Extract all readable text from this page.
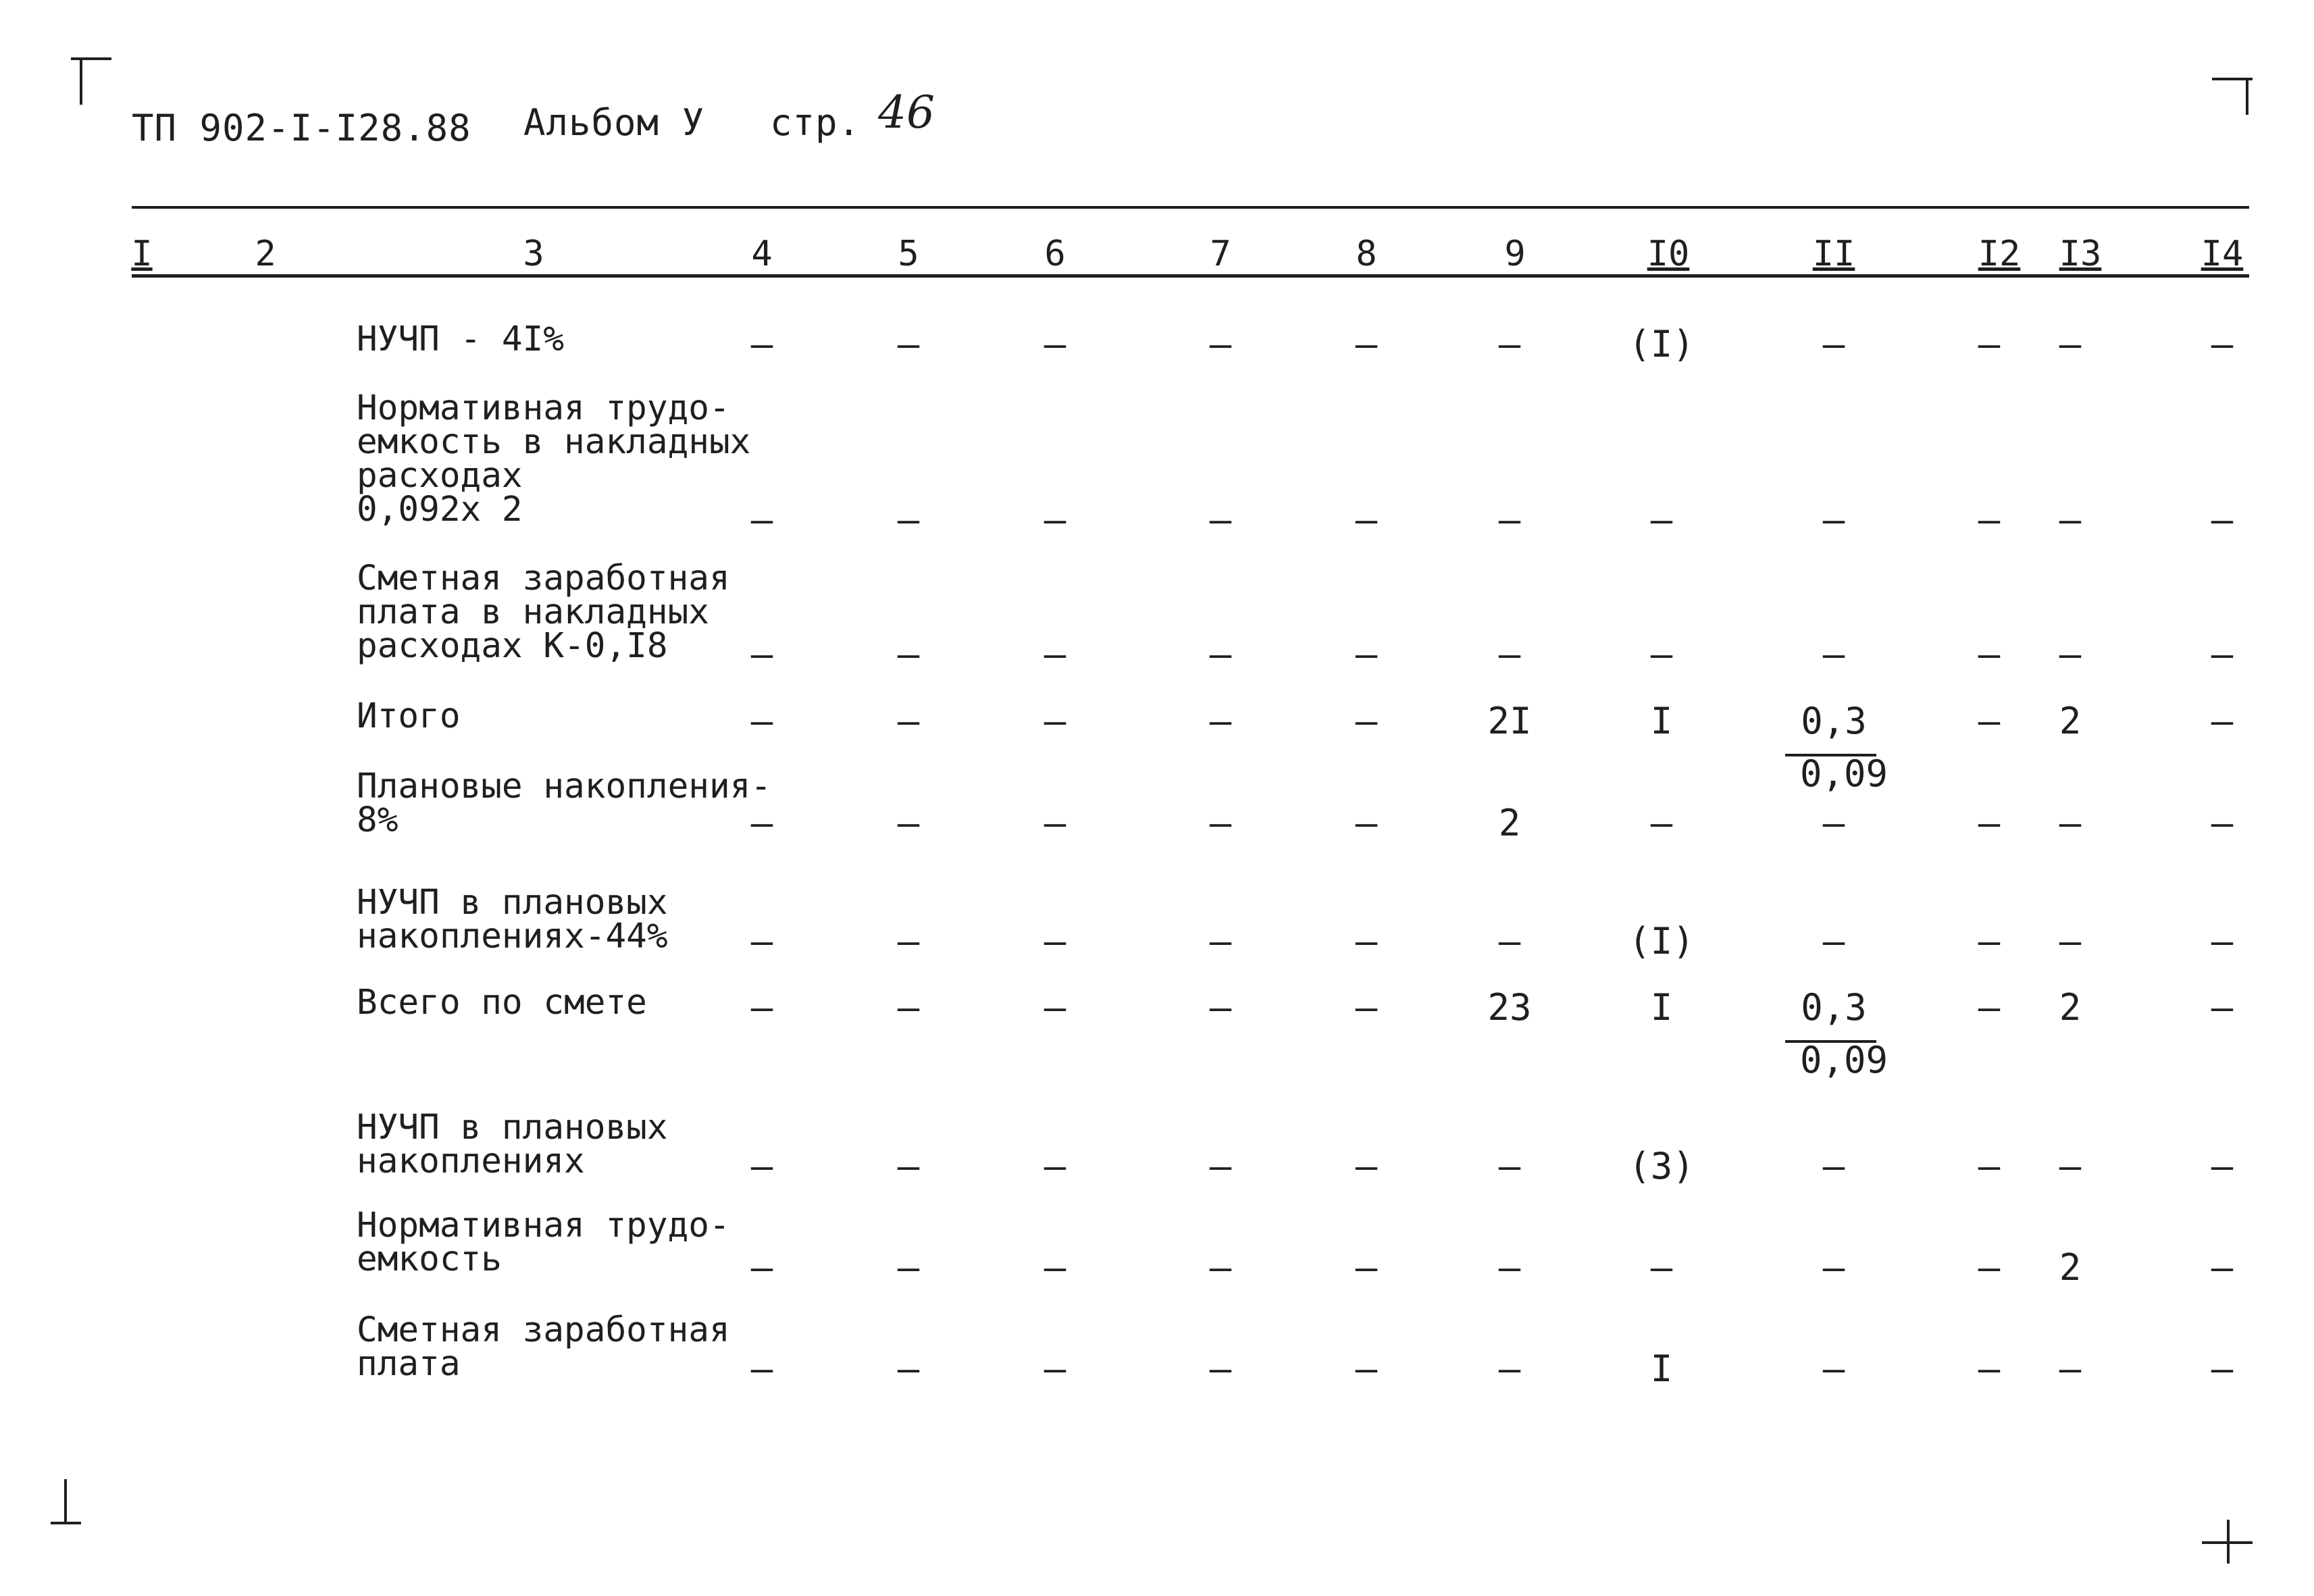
ТП 902-I-I28.88 Альбом У стр. 46
I	2	3	4	5	6	7	8	9	I0	II	I2	I3	I4
НУЧП - 4I%	–	–	–	–	–	–	(I)	–	–	–	–
Нормативная трудо-
емкость в накладных
расходах
0,092х 2	–	–	–	–	–	–	–	–	–	–	–
Сметная заработная
плата в накладных
расходах К-0,I8	–	–	–	–	–	–	–	–	–	–	–
Итого	–	–	–	–	–	2I	I	0,3	–	2	–
0,09
Плановые накопления-
8%	–	–	–	–	–	2	–	–	–	–	–
НУЧП в плановых
накоплениях-44%	–	–	–	–	–	–	(I)	–	–	–	–
Всего по смете	–	–	–	–	–	23	I	0,3	–	2	–
0,09
НУЧП в плановых
накоплениях	–	–	–	–	–	–	(3)	–	–	–	–
Нормативная трудо-
емкость	–	–	–	–	–	–	–	–	–	2	–
Сметная заработная
плата	–	–	–	–	–	–	I	–	–	–	–
